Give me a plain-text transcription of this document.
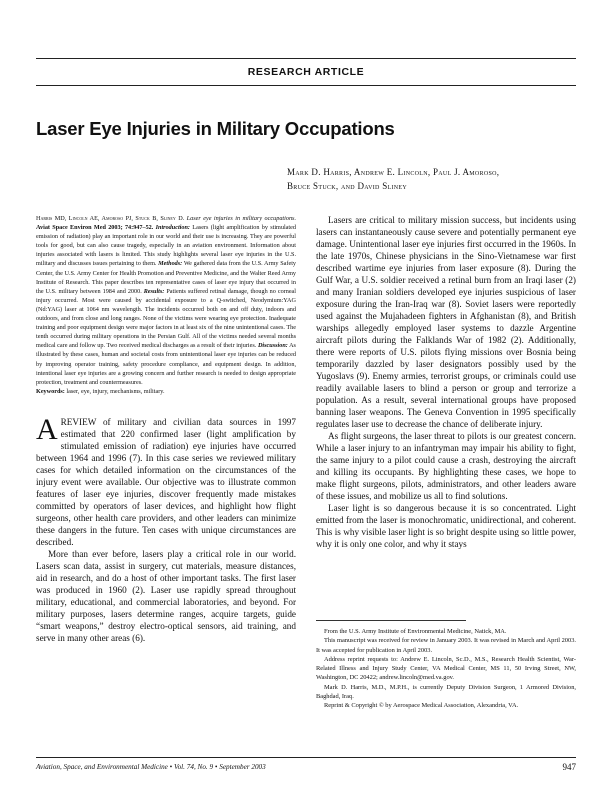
RESEARCH ARTICLE
Laser Eye Injuries in Military Occupations
Mark D. Harris, Andrew E. Lincoln, Paul J. Amoroso,
Bruce Stuck, and David Sliney

Harris MD, Lincoln AE, Amoroso PJ, Stuck B, Sliney D. Laser eye injuries in military occupations. Aviat Space Environ Med 2003; 74:947–52. Introduction: Lasers (light amplification by stimulated emission of radiation) play an important role in our world and their use is increasing. They are powerful tools for good, but can also cause tragedy, especially in an aviation environment. Information about injuries associated with lasers is limited. This study highlights several laser eye injuries in the U.S. military and discusses issues pertaining to them. Methods: We gathered data from the U.S. Army Safety Center, the U.S. Army Center for Health Promotion and Preventive Medicine, and the Walter Reed Army Institute of Research. This paper describes ten representative cases of laser eye injury that occurred in the U.S. military between 1984 and 2000. Results: Patients suffered retinal damage, though no corneal injury occurred. Most were caused by accidental exposure to a Q-switched, Neodymium:YAG (Nd:YAG) laser at 1064 nm wavelength. The incidents occurred both on and off duty, indoors and outdoors, and from close and long ranges. None of the victims were wearing eye protection. Inadequate training and poor equipment design were major factors in at least six of the nine unintentional cases. The tenth occurred during military operations in the Persian Gulf. All of the victims needed several months medical care and follow up. Two received medical discharges as a result of their injuries. Discussion: As illustrated by these cases, human and societal costs from unintentional laser eye injuries can be reduced by improving operator training, safety procedure compliance, and equipment design. In addition, intentional laser eye injuries are a growing concern and further research is needed to design appropriate protection, treatment and countermeasures.

Keywords: laser, eye, injury, mechanisms, military.

A REVIEW of military and civilian data sources in 1997 estimated that 220 confirmed laser (light amplification by stimulated emission of radiation) eye injuries have occurred between 1964 and 1996 (7). In this case series we reviewed military cases for which detailed information on the circumstances of the injury event were available. Our objective was to illustrate common features of laser eye injuries, discover frequently made mistakes committed by operators of laser devices, and highlight how flight surgeons, other health care providers, and other leaders can minimize these dangers in the future. Ten cases with unique circumstances are described.

More than ever before, lasers play a critical role in our world. Lasers scan data, assist in surgery, cut materials, measure distances, aid in research, and do a host of other important tasks. The first laser was produced in 1960 (2). Laser use rapidly spread throughout military, educational, and commercial laboratories, and beyond. For military purposes, lasers determine ranges, acquire targets, guide “smart weapons,” destroy electro-optical sensors, aid training, and serve in many other areas (6).

Lasers are critical to military mission success, but incidents using lasers can instantaneously cause severe and potentially permanent eye damage. Unintentional laser eye injuries first occurred in the 1960s. In the late 1970s, Chinese physicians in the Sino-Vietnamese war first described wartime eye injuries from laser exposure (8). During the Gulf War, a U.S. soldier received a retinal burn from an Iraqi laser (2) and many Iranian soldiers developed eye injuries suspicious of laser exposure during the Iran-Iraq war (8). Soviet lasers were reportedly used against the Mujahadeen fighters in Afghanistan (8), and British warships allegedly employed laser systems to dazzle Argentine aircraft pilots during the Falklands War of 1982 (2). Additionally, there were reports of U.S. pilots flying missions over Bosnia being temporarily dazzled by laser designators possibly used by the Yugoslavs (9). Enemy armies, terrorist groups, or criminals could use readily available lasers to blind a person or group and terrorize a population. As a result, several international groups have proposed banning laser weapons. The Geneva Convention in 1995 specifically regulates laser use to decrease the chance of deliberate injury.

As flight surgeons, the laser threat to pilots is our greatest concern. While a laser injury to an infantryman may impair his ability to fight, the same injury to a pilot could cause a crash, destroying the aircraft and killing its occupants. By highlighting these cases, we hope to make flight surgeons, pilots, administrators, and other leaders aware of these issues, and mobilize us all to find solutions.

Laser light is so dangerous because it is so concentrated. Light emitted from the laser is monochromatic, unidirectional, and coherent. This is why visible laser light is so bright despite using so little power, why it is only one color, and why it stays

From the U.S. Army Institute of Environmental Medicine, Natick, MA.

This manuscript was received for review in January 2003. It was revised in March and April 2003. It was accepted for publication in April 2003.

Address reprint requests to: Andrew E. Lincoln, Sc.D., M.S., Research Health Scientist, War-Related Illness and Injury Study Center, VA Medical Center, MS 11, 50 Irving Street, NW, Washington, DC 20422; andrew.lincoln@med.va.gov.

Mark D. Harris, M.D., M.P.H., is currently Deputy Division Surgeon, 1 Armored Division, Baghdad, Iraq.

Reprint & Copyright © by Aerospace Medical Association, Alexandria, VA.

Aviation, Space, and Environmental Medicine • Vol. 74, No. 9 • September 2003	947
